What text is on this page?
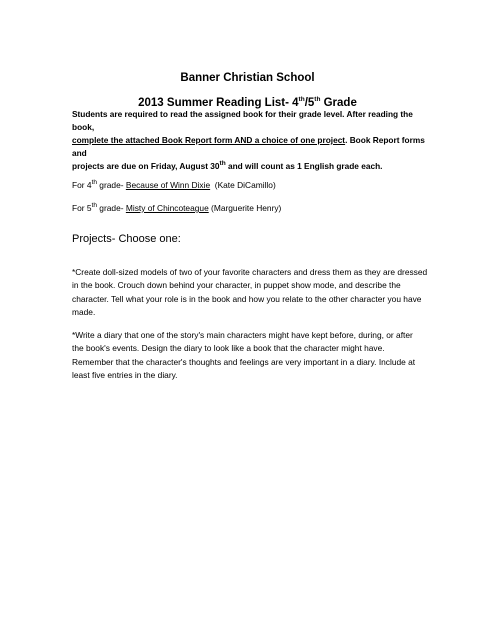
Banner Christian School
2013 Summer Reading List- 4th/5th Grade
Students are required to read the assigned book for their grade level. After reading the book,
complete the attached Book Report form AND a choice of one project. Book Report forms and
projects are due on Friday, August 30th and will count as 1 English grade each.
For 4th grade- Because of Winn Dixie  (Kate DiCamillo)
For 5th grade- Misty of Chincoteague (Marguerite Henry)
Projects- Choose one:
*Create doll-sized models of two of your favorite characters and dress them as they are dressed
in the book. Crouch down behind your character, in puppet show mode, and describe the
character. Tell what your role is in the book and how you relate to the other character you have
made.
*Write a diary that one of the story's main characters might have kept before, during, or after
the book's events. Design the diary to look like a book that the character might have.
Remember that the character's thoughts and feelings are very important in a diary. Include at
least five entries in the diary.
